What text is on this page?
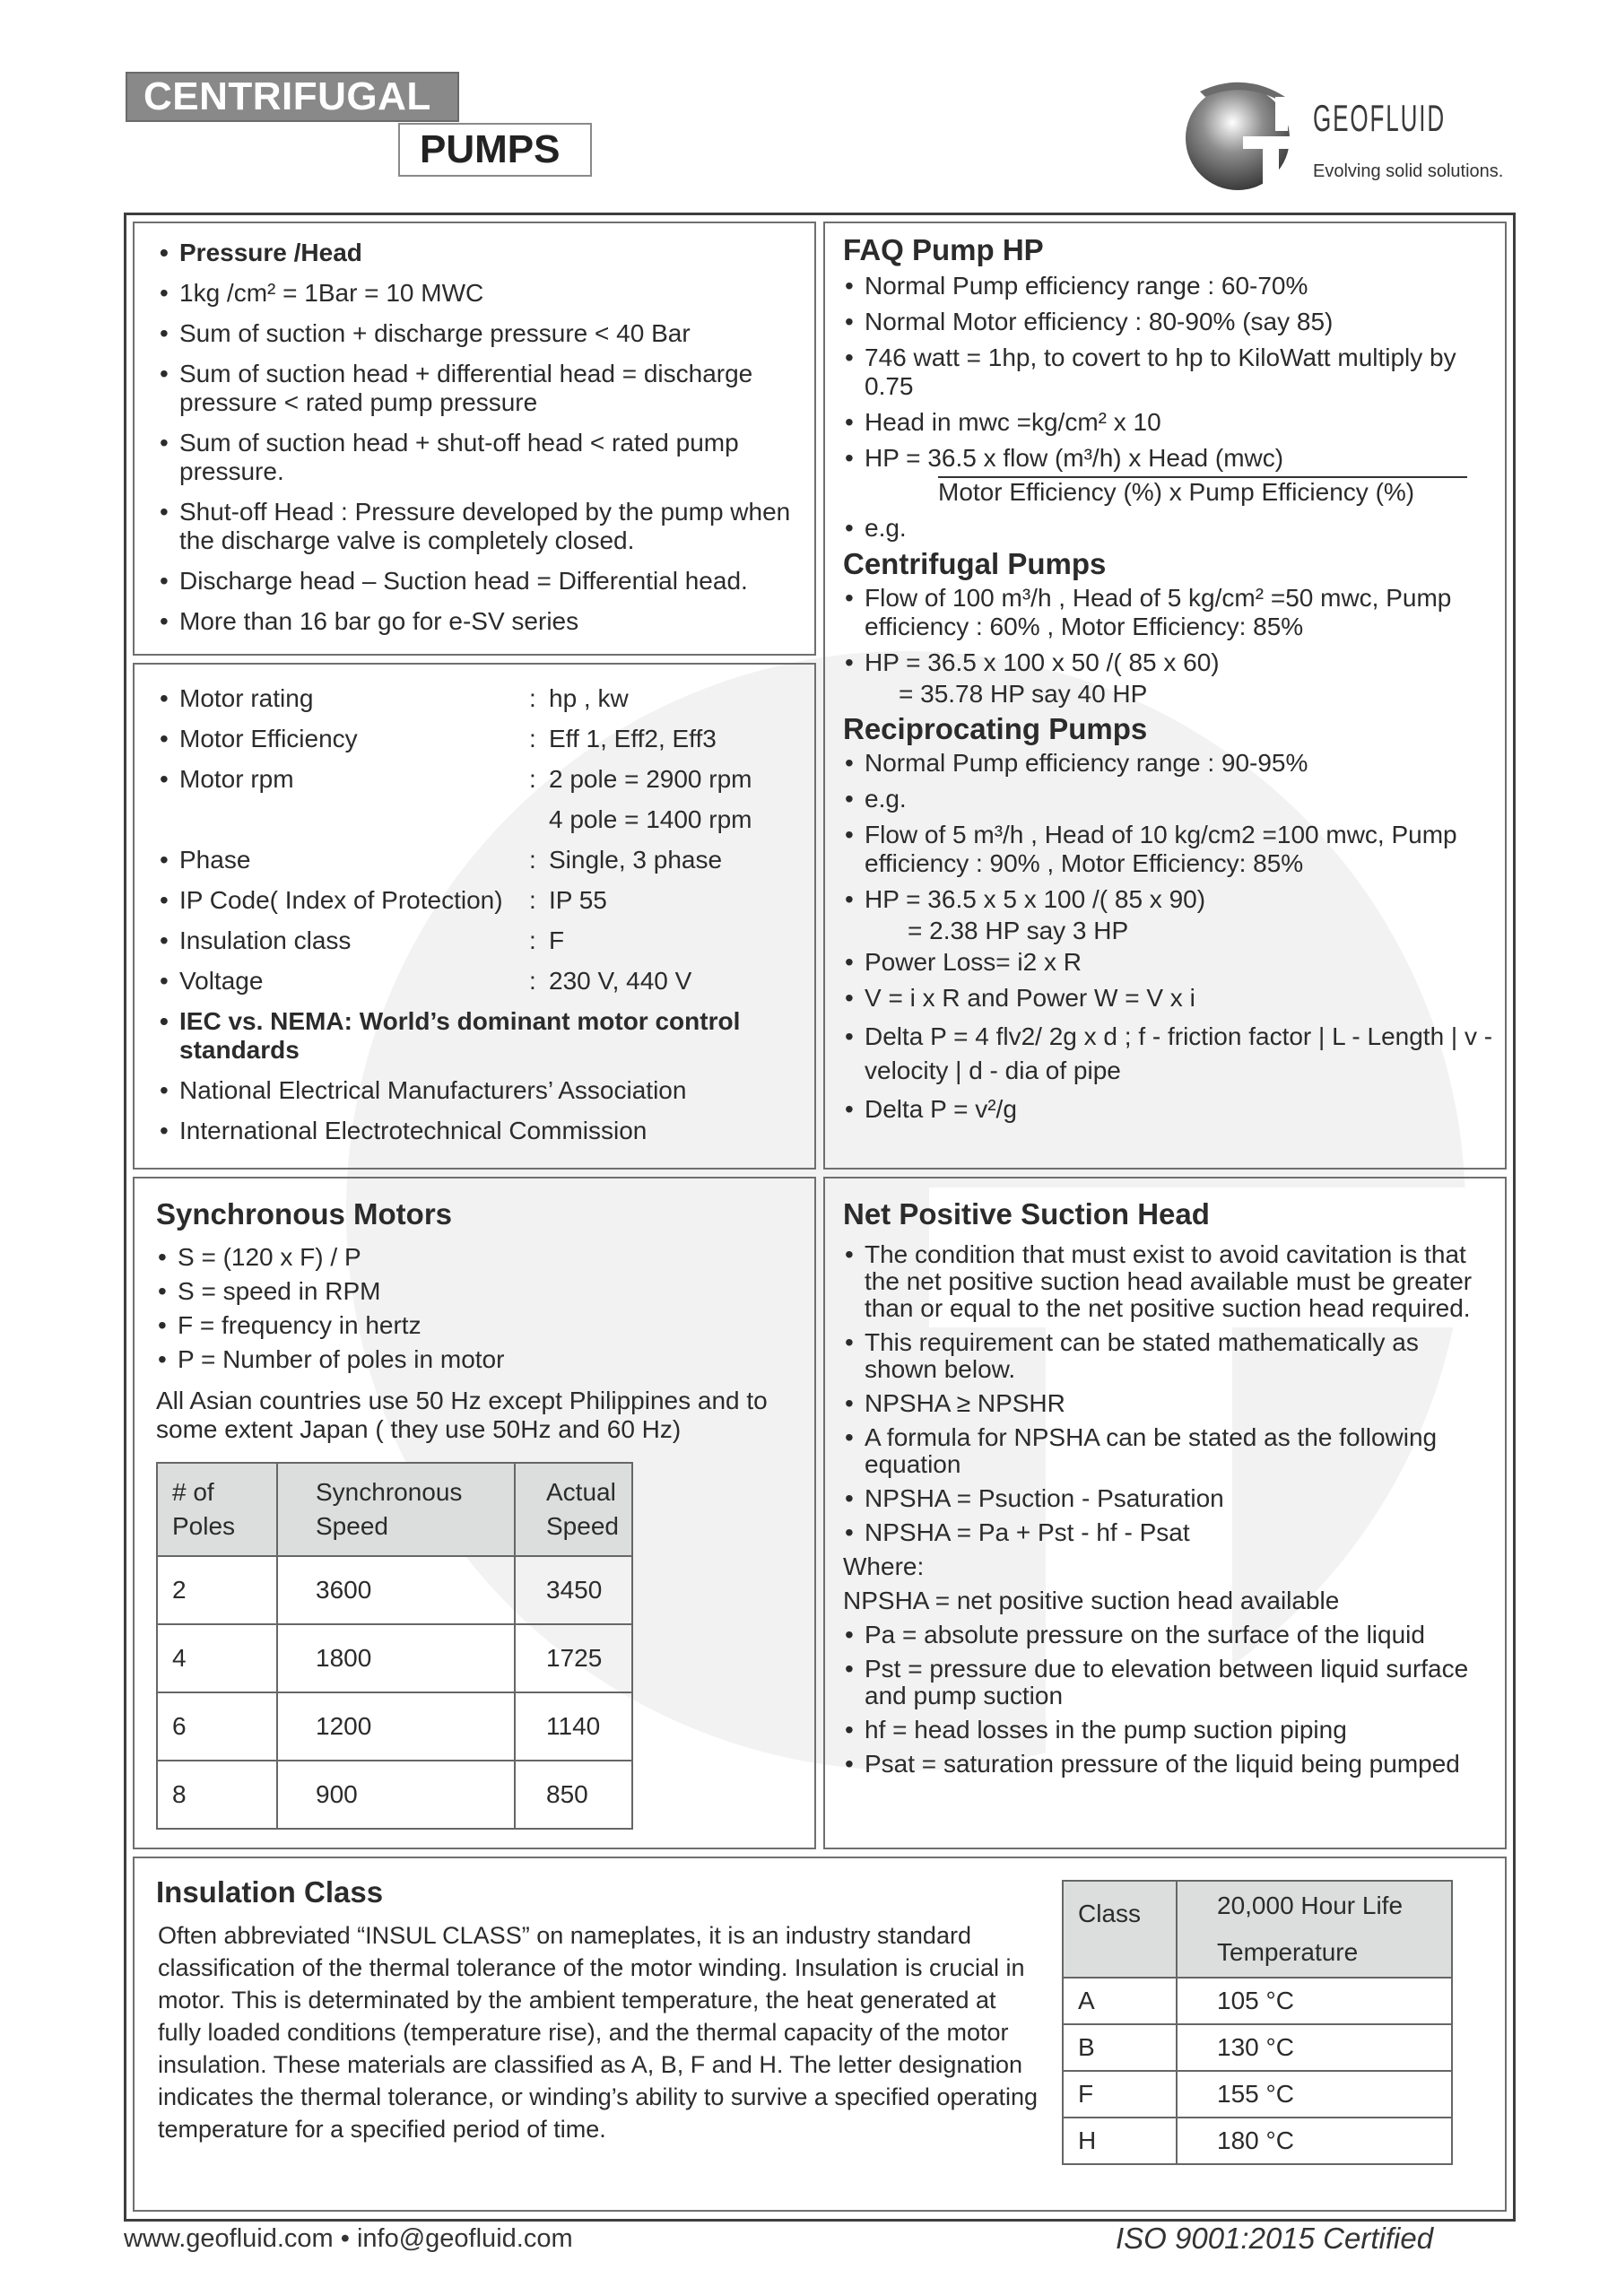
CENTRIFUGAL
PUMPS
GEOFLUID
Evolving solid solutions.
• Pressure /Head
• 1kg /cm² = 1Bar = 10 MWC
• Sum of suction + discharge pressure < 40 Bar
• Sum of suction head + differential head = discharge pressure < rated pump pressure
• Sum of suction head + shut-off head < rated pump pressure.
• Shut-off Head : Pressure developed by the pump when the discharge valve is completely closed.
• Discharge head – Suction head = Differential head.
• More than 16 bar go for e-SV series
• Motor rating	: hp , kw
• Motor Efficiency	: Eff 1, Eff2, Eff3
• Motor rpm	: 2 pole = 2900 rpm
4 pole = 1400 rpm
• Phase	: Single, 3 phase
• IP Code( Index of Protection)	: IP 55
• Insulation class	: F
• Voltage	: 230 V, 440 V
• IEC vs. NEMA: World’s dominant motor control standards
• National Electrical Manufacturers’ Association
• International Electrotechnical Commission
FAQ Pump HP
• Normal Pump efficiency range : 60-70%
• Normal Motor efficiency : 80-90% (say 85)
• 746 watt = 1hp, to covert to hp to KiloWatt multiply by 0.75
• Head in mwc =kg/cm² x 10
• HP = 36.5 x flow (m³/h) x Head (mwc)
Motor Efficiency (%) x Pump Efficiency (%)
• e.g.
Centrifugal Pumps
• Flow of 100 m³/h , Head of 5 kg/cm² =50 mwc, Pump efficiency : 60% , Motor Efficiency: 85%
• HP = 36.5 x 100 x 50 /( 85 x 60)
= 35.78 HP say 40 HP
Reciprocating Pumps
• Normal Pump efficiency range : 90-95%
• e.g.
• Flow of 5 m³/h , Head of 10 kg/cm2 =100 mwc, Pump efficiency : 90% , Motor Efficiency: 85%
• HP = 36.5 x 5 x 100 /( 85 x 90)
= 2.38 HP say 3 HP
• Power Loss= i2 x R
• V = i x R and Power W = V x i
• Delta P = 4 flv2/ 2g x d ; f - friction factor | L - Length | v - velocity | d - dia of pipe
• Delta P = v²/g
Synchronous Motors
• S = (120 x F) / P
• S = speed in RPM
• F = frequency in hertz
• P = Number of poles in motor
All Asian countries use 50 Hz except Philippines and to some extent Japan ( they use 50Hz and 60 Hz)
# of Poles	Synchronous Speed	Actual Speed
2	3600	3450
4	1800	1725
6	1200	1140
8	900	850
Net Positive Suction Head
• The condition that must exist to avoid cavitation is that the net positive suction head available must be greater than or equal to the net positive suction head required.
• This requirement can be stated mathematically as shown below.
• NPSHA ≥ NPSHR
• A formula for NPSHA can be stated as the following equation
• NPSHA = Psuction - Psaturation
• NPSHA = Pa + Pst - hf - Psat
Where:
NPSHA = net positive suction head available
• Pa = absolute pressure on the surface of the liquid
• Pst = pressure due to elevation between liquid surface and pump suction
• hf = head losses in the pump suction piping
• Psat = saturation pressure of the liquid being pumped
Insulation Class
Often abbreviated “INSUL CLASS” on nameplates, it is an industry standard classification of the thermal tolerance of the motor winding. Insulation is crucial in motor. This is determinated by the ambient temperature, the heat generated at fully loaded conditions (temperature rise), and the thermal capacity of the motor insulation. These materials are classified as A, B, F and H. The letter designation indicates the thermal tolerance, or winding’s ability to survive a specified operating temperature for a specified period of time.
Class	20,000 Hour Life Temperature
A	105 °C
B	130 °C
F	155 °C
H	180 °C
www.geofluid.com • info@geofluid.com	ISO 9001:2015 Certified
